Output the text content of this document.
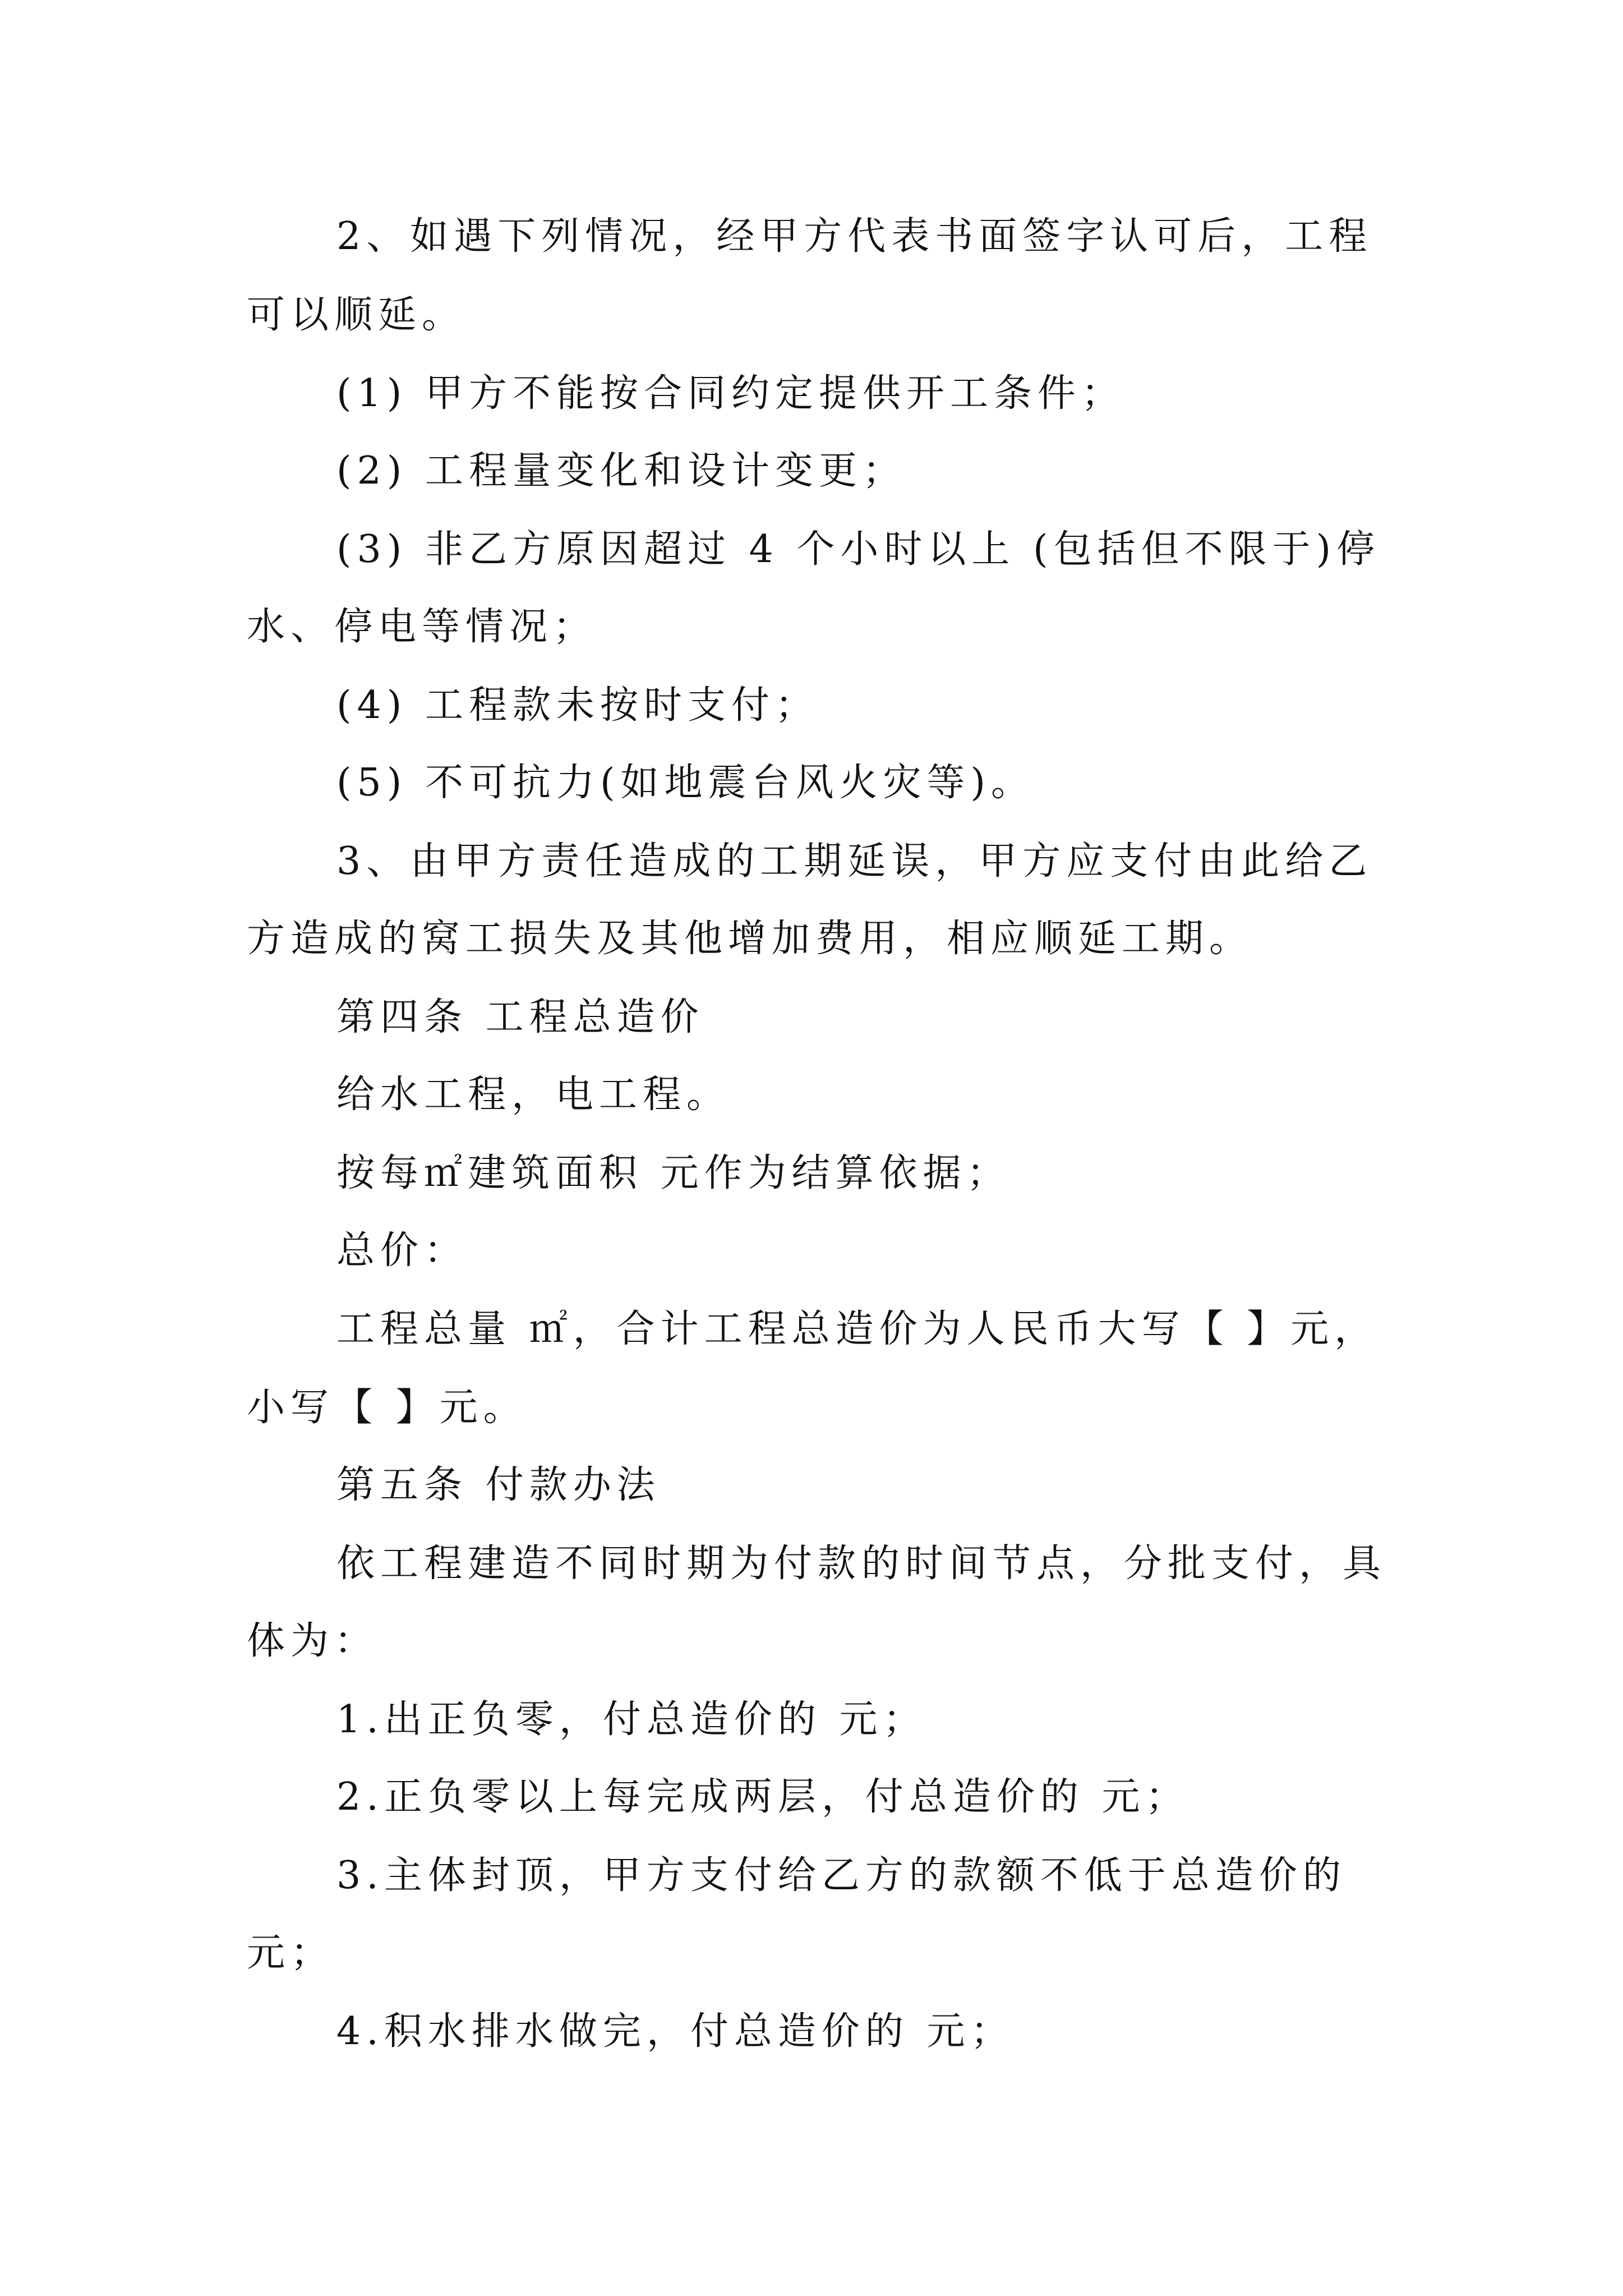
2、如遇下列情况，经甲方代表书面签字认可后，工程
可以顺延。
(1) 甲方不能按合同约定提供开工条件；
(2) 工程量变化和设计变更；
(3) 非乙方原因超过 4 个小时以上 (包括但不限于)停
水、停电等情况；
(4) 工程款未按时支付；
(5) 不可抗力(如地震台风火灾等)。
3、由甲方责任造成的工期延误，甲方应支付由此给乙
方造成的窝工损失及其他增加费用，相应顺延工期。
第四条 工程总造价
给水工程，电工程。
按每㎡建筑面积 元作为结算依据；
总价：
工程总量 ㎡，合计工程总造价为人民币大写【 】元，
小写【 】元。
第五条 付款办法
依工程建造不同时期为付款的时间节点，分批支付，具
体为：
1.出正负零，付总造价的 元；
2.正负零以上每完成两层，付总造价的 元；
3.主体封顶，甲方支付给乙方的款额不低于总造价的
元；
4.积水排水做完，付总造价的 元；
